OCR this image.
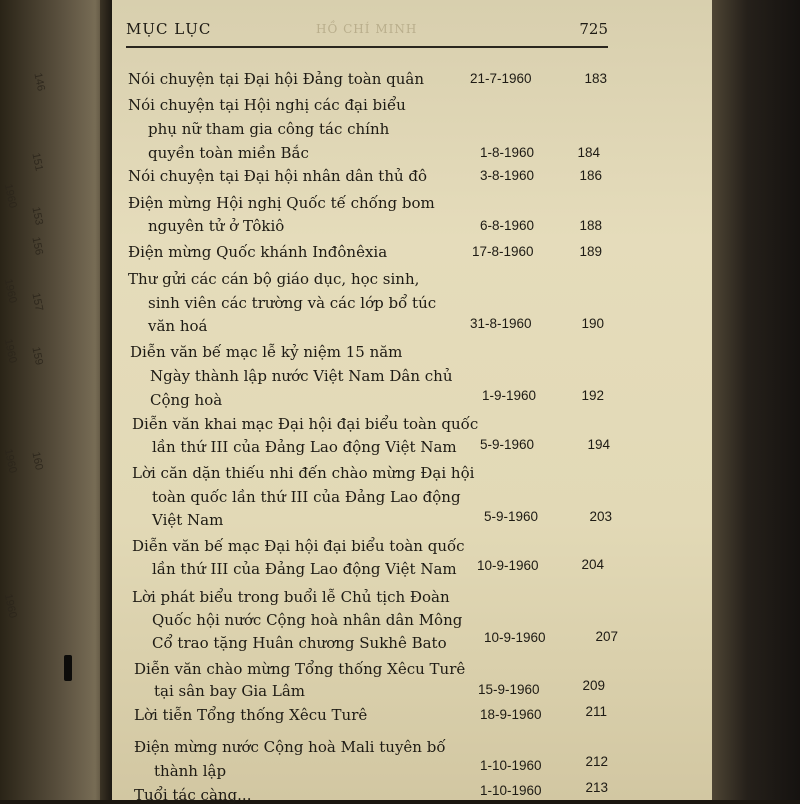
146
151
153
156
157
159
160
1960
1960
1960
1960
1960
MỤC LỤC	HỒ CHÍ MINH	725
Nói chuyện tại Đại hội Đảng toàn quân	21-7-1960	183
Nói chuyện tại Hội nghị các đại biểu
phụ nữ tham gia công tác chính
quyền toàn miền Bắc	1-8-1960	184
Nói chuyện tại Đại hội nhân dân thủ đô	3-8-1960	186
Điện mừng Hội nghị Quốc tế chống bom
nguyên tử ở Tôkiô	6-8-1960	188
Điện mừng Quốc khánh Inđônêxia	17-8-1960	189
Thư gửi các cán bộ giáo dục, học sinh,
sinh viên các trường và các lớp bổ túc
văn hoá	31-8-1960	190
Diễn văn bế mạc lễ kỷ niệm 15 năm
Ngày thành lập nước Việt Nam Dân chủ
Cộng hoà	1-9-1960	192
Diễn văn khai mạc Đại hội đại biểu toàn quốc
lần thứ III của Đảng Lao động Việt Nam 5-9-1960	194
Lời căn dặn thiếu nhi đến chào mừng Đại hội
toàn quốc lần thứ III của Đảng Lao động
Việt Nam	5-9-1960	203
Diễn văn bế mạc Đại hội đại biểu toàn quốc
lần thứ III của Đảng Lao động Việt Nam 10-9-1960	204
Lời phát biểu trong buổi lễ Chủ tịch Đoàn
Quốc hội nước Cộng hoà nhân dân Mông
Cổ trao tặng Huân chương Sukhê Bato	10-9-1960	207
Diễn văn chào mừng Tổng thống Xêcu Turê
tại sân bay Gia Lâm	15-9-1960	209
Lời tiễn Tổng thống Xêcu Turê	18-9-1960	211
Điện mừng nước Cộng hoà Mali tuyên bố
thành lập	1-10-1960	212
Tuổi tác càng...	1-10-1960	213
